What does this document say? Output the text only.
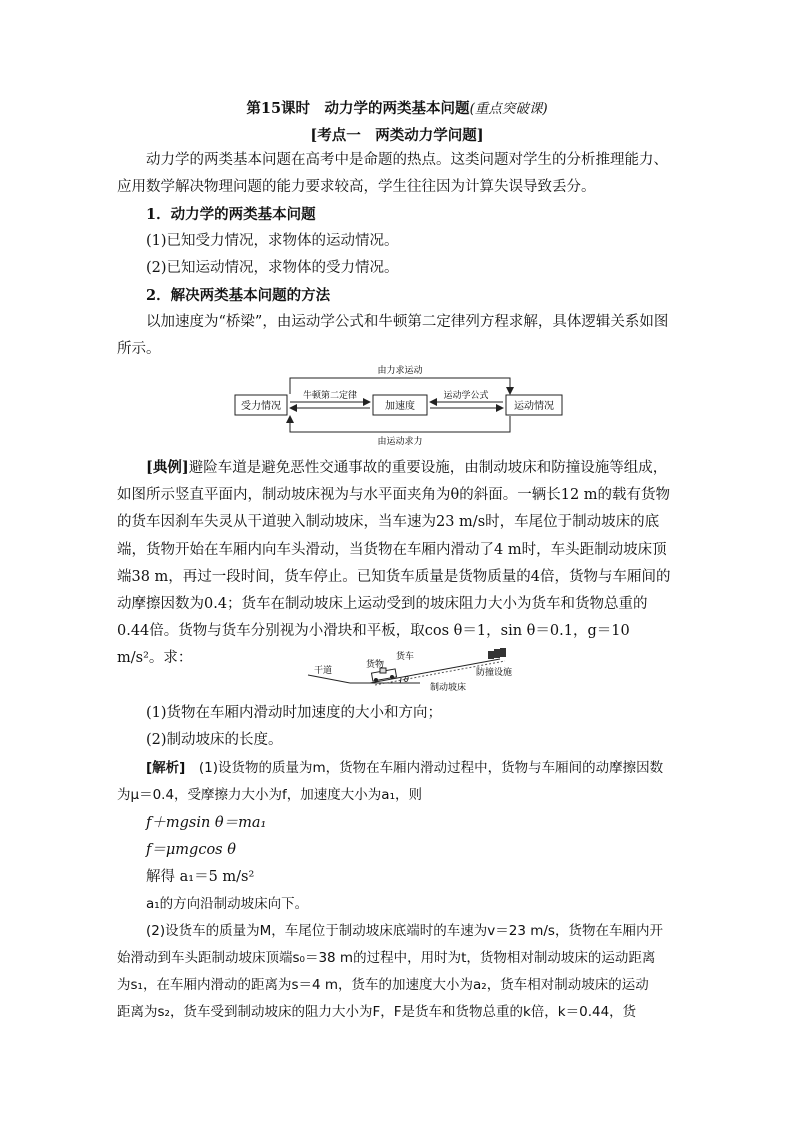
第15课时　动力学的两类基本问题(重点突破课)
[考点一　两类动力学问题]
动力学的两类基本问题在高考中是命题的热点。这类问题对学生的分析推理能力、应用数学解决物理问题的能力要求较高，学生往往因为计算失误导致丢分。
1．动力学的两类基本问题
(1)已知受力情况，求物体的运动情况。
(2)已知运动情况，求物体的受力情况。
2．解决两类基本问题的方法
以加速度为“桥梁”，由运动学公式和牛顿第二定律列方程求解，具体逻辑关系如图所示。
由力求运动
由运动求力
受力情况	加速度	运动情况
牛顿第二定律	运动学公式
[典例]避险车道是避免恶性交通事故的重要设施，由制动坡床和防撞设施等组成，如图所示竖直平面内，制动坡床视为与水平面夹角为θ的斜面。一辆长12 m的载有货物的货车因刹车失灵从干道驶入制动坡床，当车速为23 m/s时，车尾位于制动坡床的底端，货物开始在车厢内向车头滑动，当货物在车厢内滑动了4 m时，车头距制动坡床顶端38 m，再过一段时间，货车停止。已知货车质量是货物质量的4倍，货物与车厢间的动摩擦因数为0.4；货车在制动坡床上运动受到的坡床阻力大小为货车和货物总重的0.44倍。货物与货车分别视为小滑块和平板，取cos θ＝1，sin θ＝0.1，g＝10 m/s²。求：
θ
干道
货物
货车
防撞设施
制动坡床
(1)货物在车厢内滑动时加速度的大小和方向；
(2)制动坡床的长度。
[解析]　 (1)设货物的质量为m，货物在车厢内滑动过程中，货物与车厢间的动摩擦因数
为μ＝0.4，受摩擦力大小为f，加速度大小为a₁，则
f＋mgsin θ＝ma₁
f＝μmgcos θ
解得 a₁＝5 m/s²
a₁的方向沿制动坡床向下。
(2)设货车的质量为M，车尾位于制动坡床底端时的车速为v＝23 m/s，货物在车厢内开
始滑动到车头距制动坡床顶端s₀＝38 m的过程中，用时为t，货物相对制动坡床的运动距离
为s₁，在车厢内滑动的距离为s＝4 m，货车的加速度大小为a₂，货车相对制动坡床的运动
距离为s₂，货车受到制动坡床的阻力大小为F，F是货车和货物总重的k倍，k＝0.44，货
